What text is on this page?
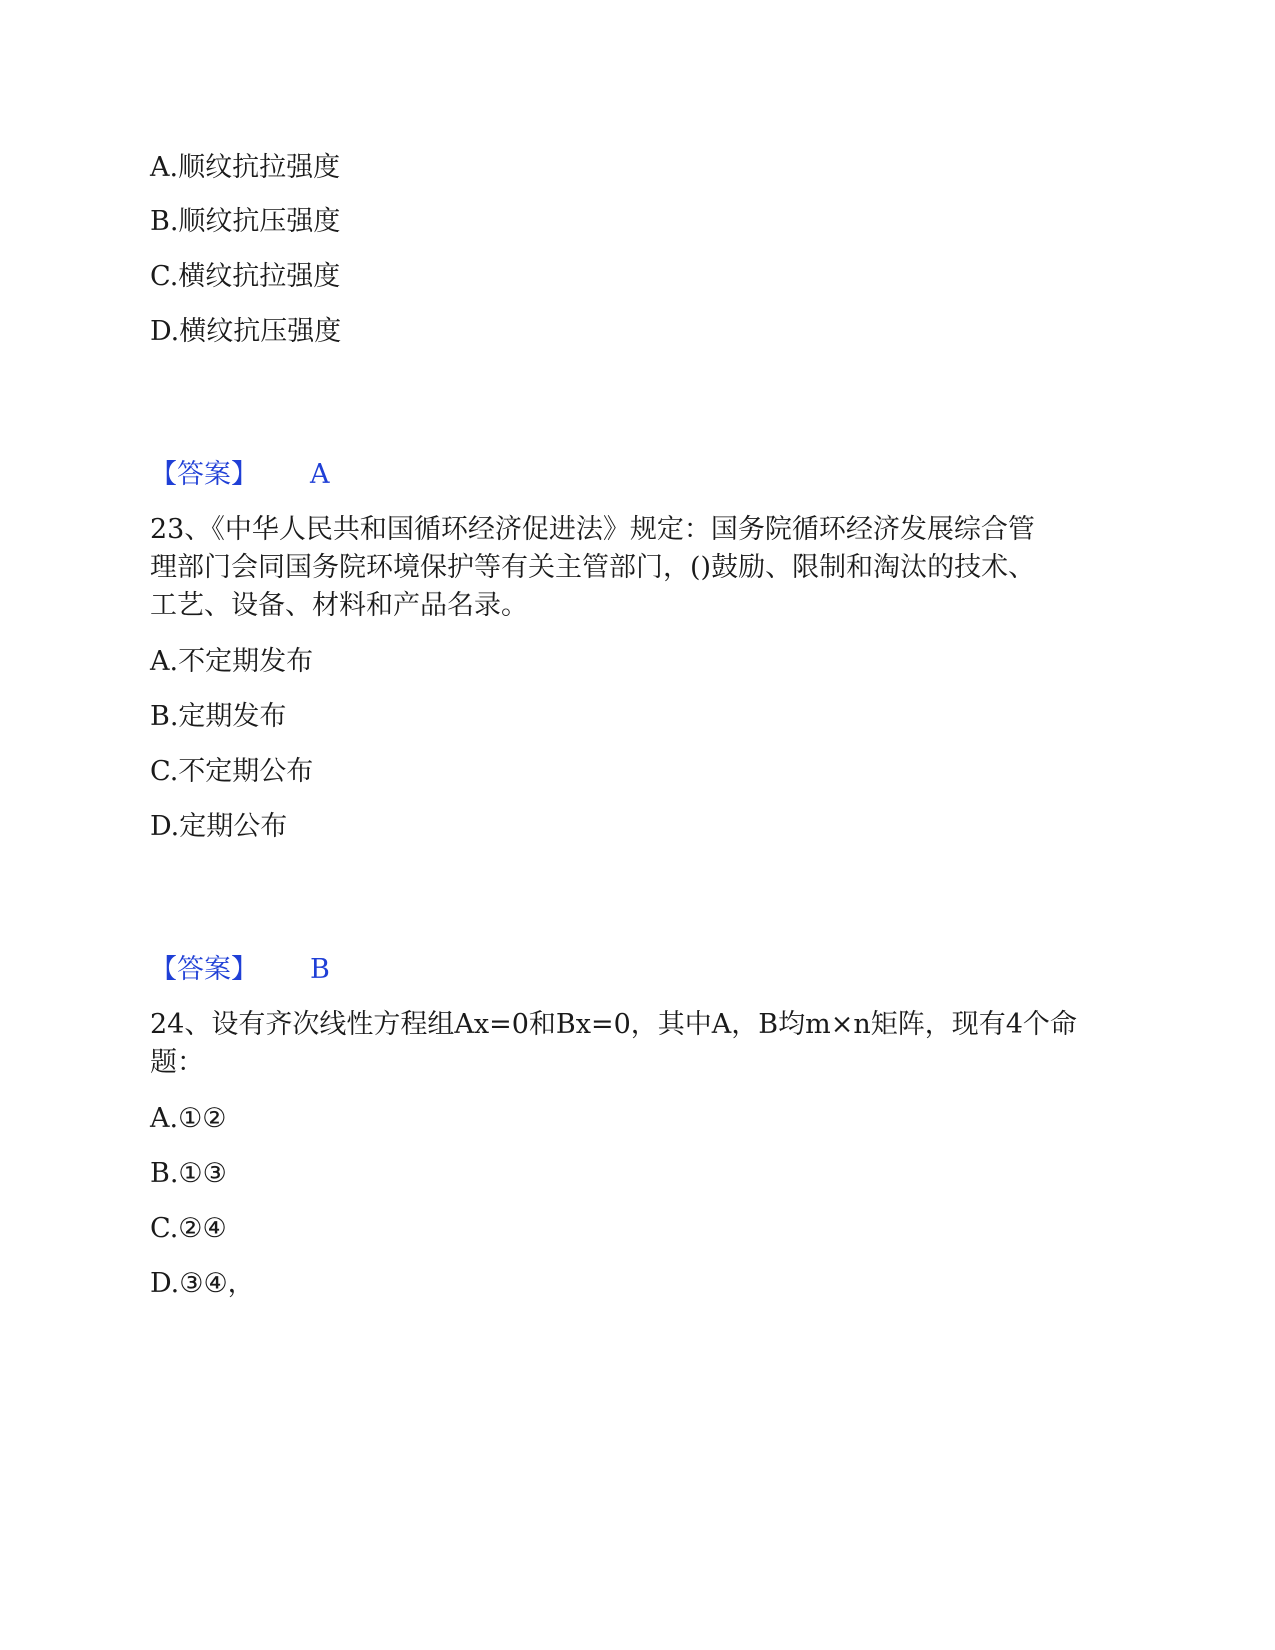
A.顺纹抗拉强度
B.顺纹抗压强度
C.横纹抗拉强度
D.横纹抗压强度
【答案】 A
23、《中华人民共和国循环经济促进法》规定：国务院循环经济发展综合管
理部门会同国务院环境保护等有关主管部门，()鼓励、限制和淘汰的技术、
工艺、设备、材料和产品名录。
A.不定期发布
B.定期发布
C.不定期公布
D.定期公布
【答案】 B
24、设有齐次线性方程组Ax=0和Bx=0，其中A，B均m×n矩阵，现有4个命
题：
A.①②
B.①③
C.②④
D.③④，
